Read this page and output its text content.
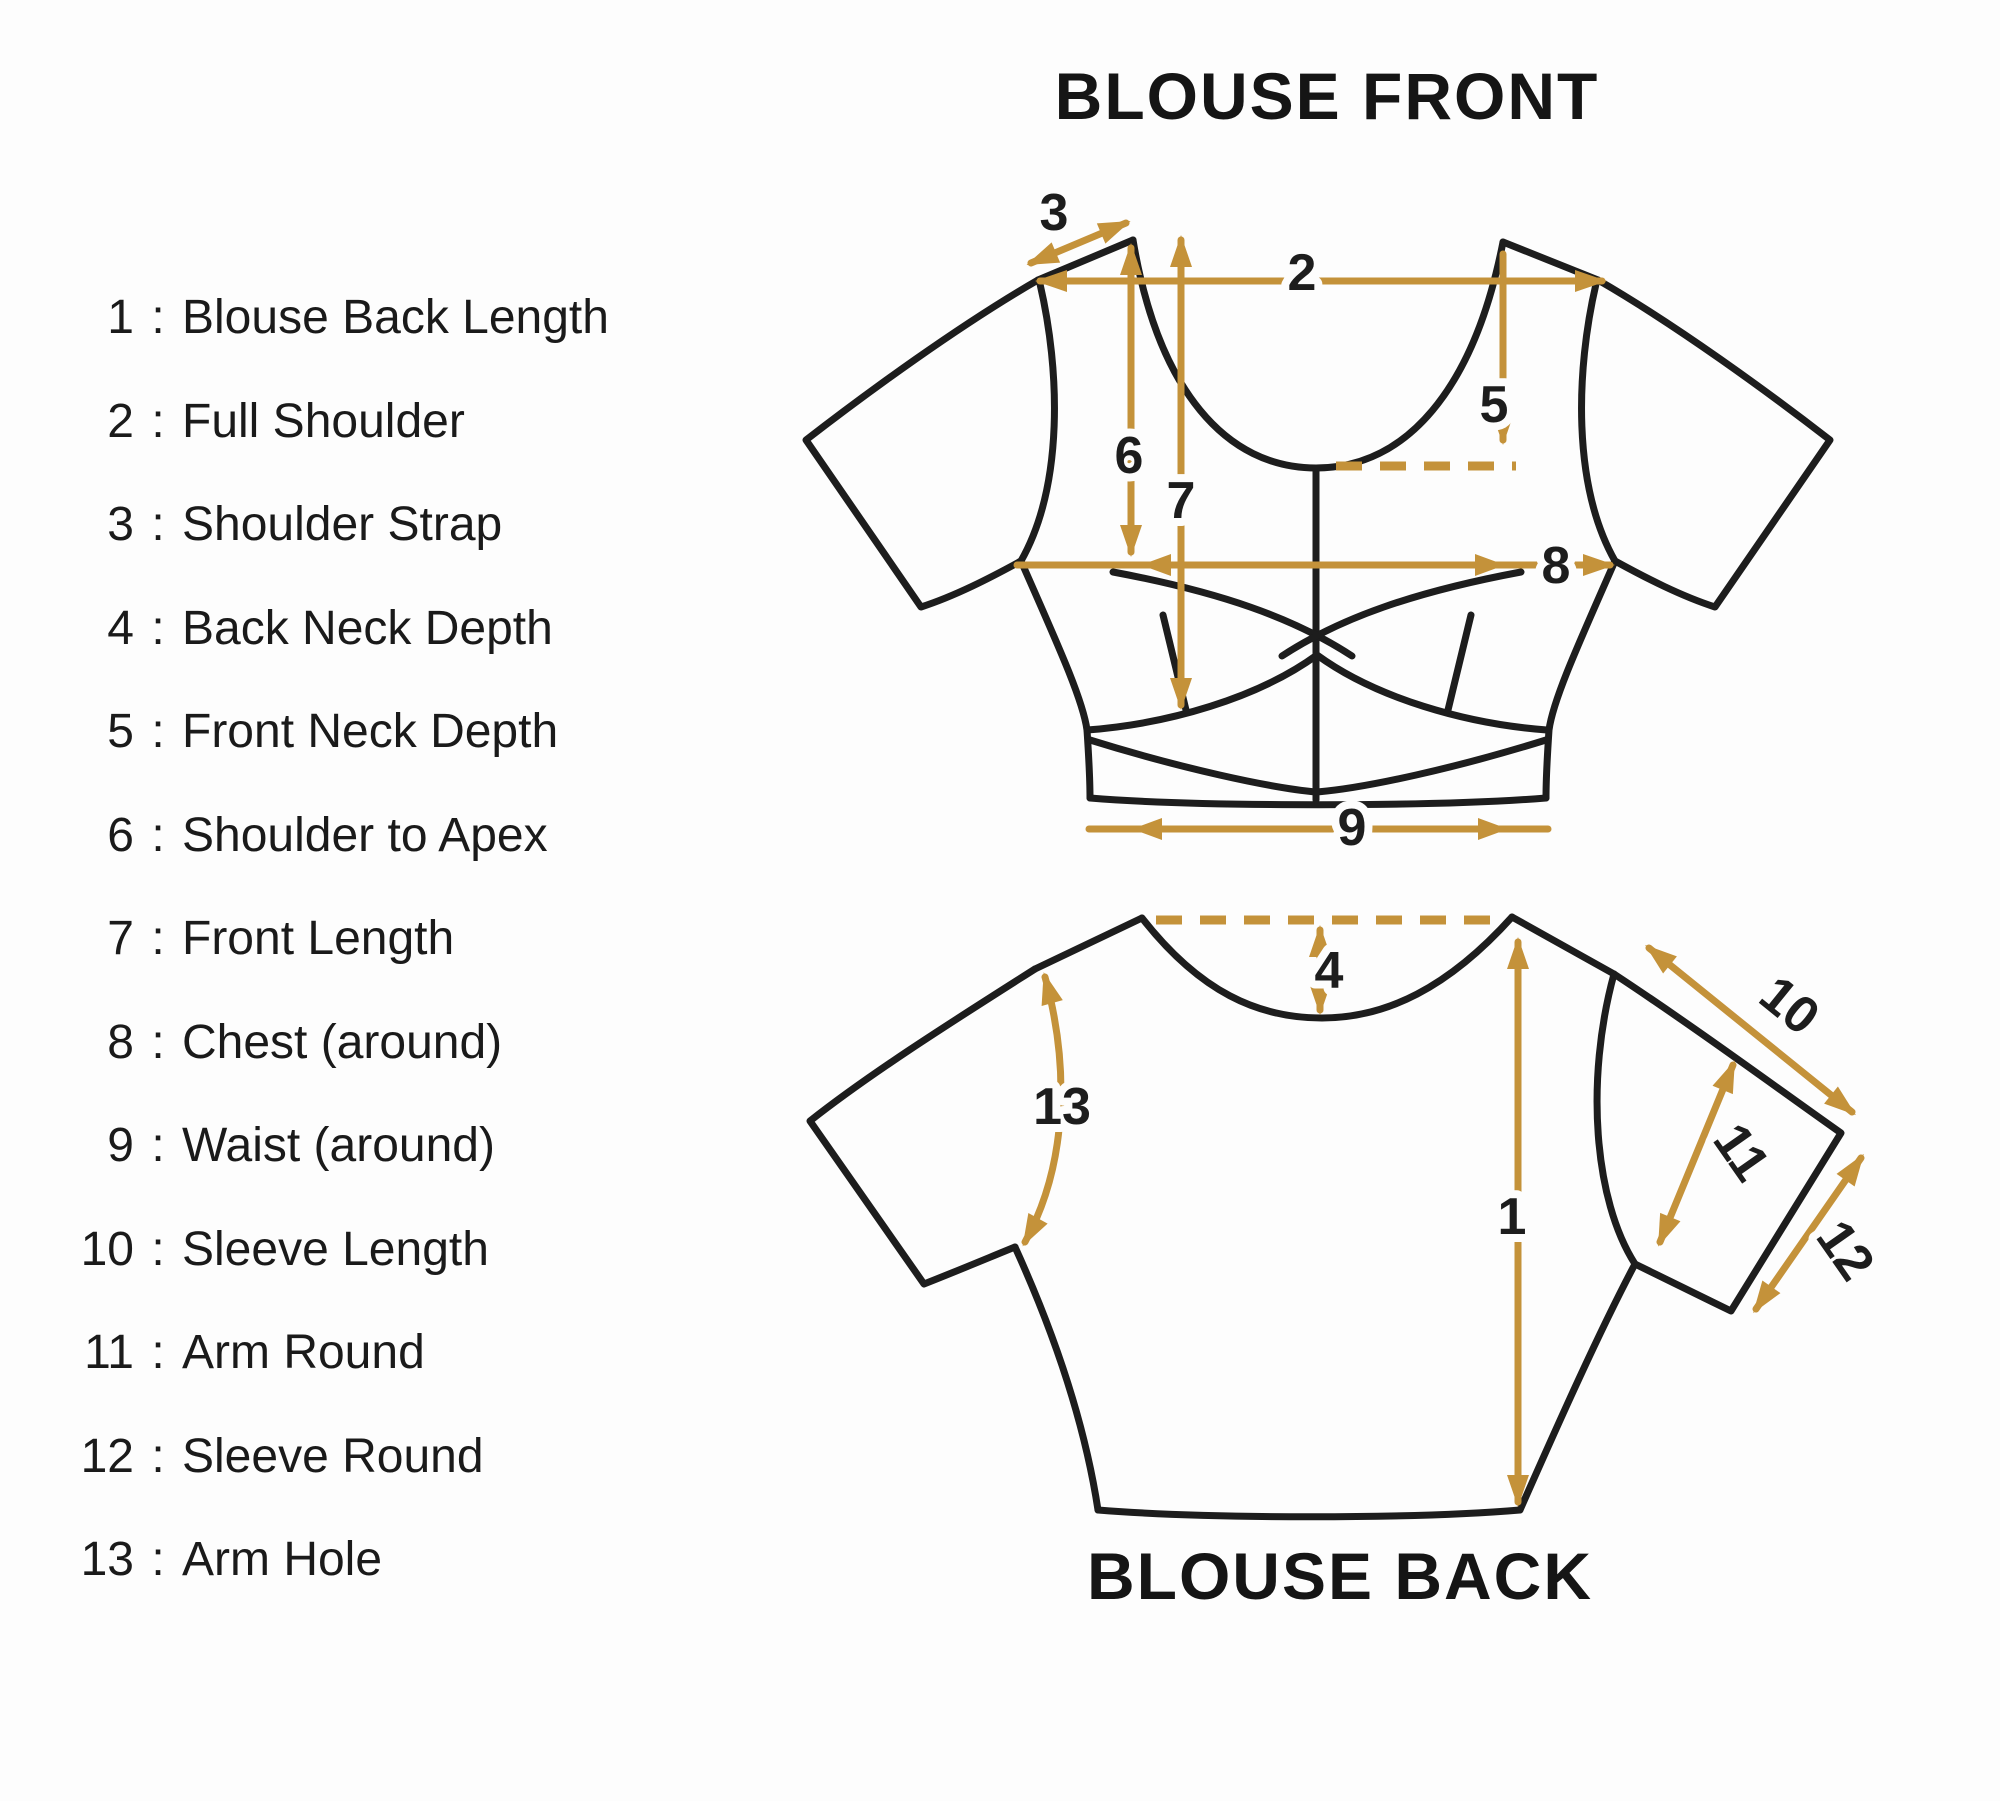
BLOUSE FRONT
BLOUSE BACK
1 : Blouse Back Length
2 : Full Shoulder
3 : Shoulder Strap
4 : Back Neck Depth
5 : Front Neck Depth
6 : Shoulder to Apex
7 : Front Length
8 : Chest (around)
9 : Waist (around)
10 : Sleeve Length
11 : Arm Round
12 : Sleeve Round
13 : Arm Hole
3
2
5
6
7
8
9
4
13
1
10
11
12
